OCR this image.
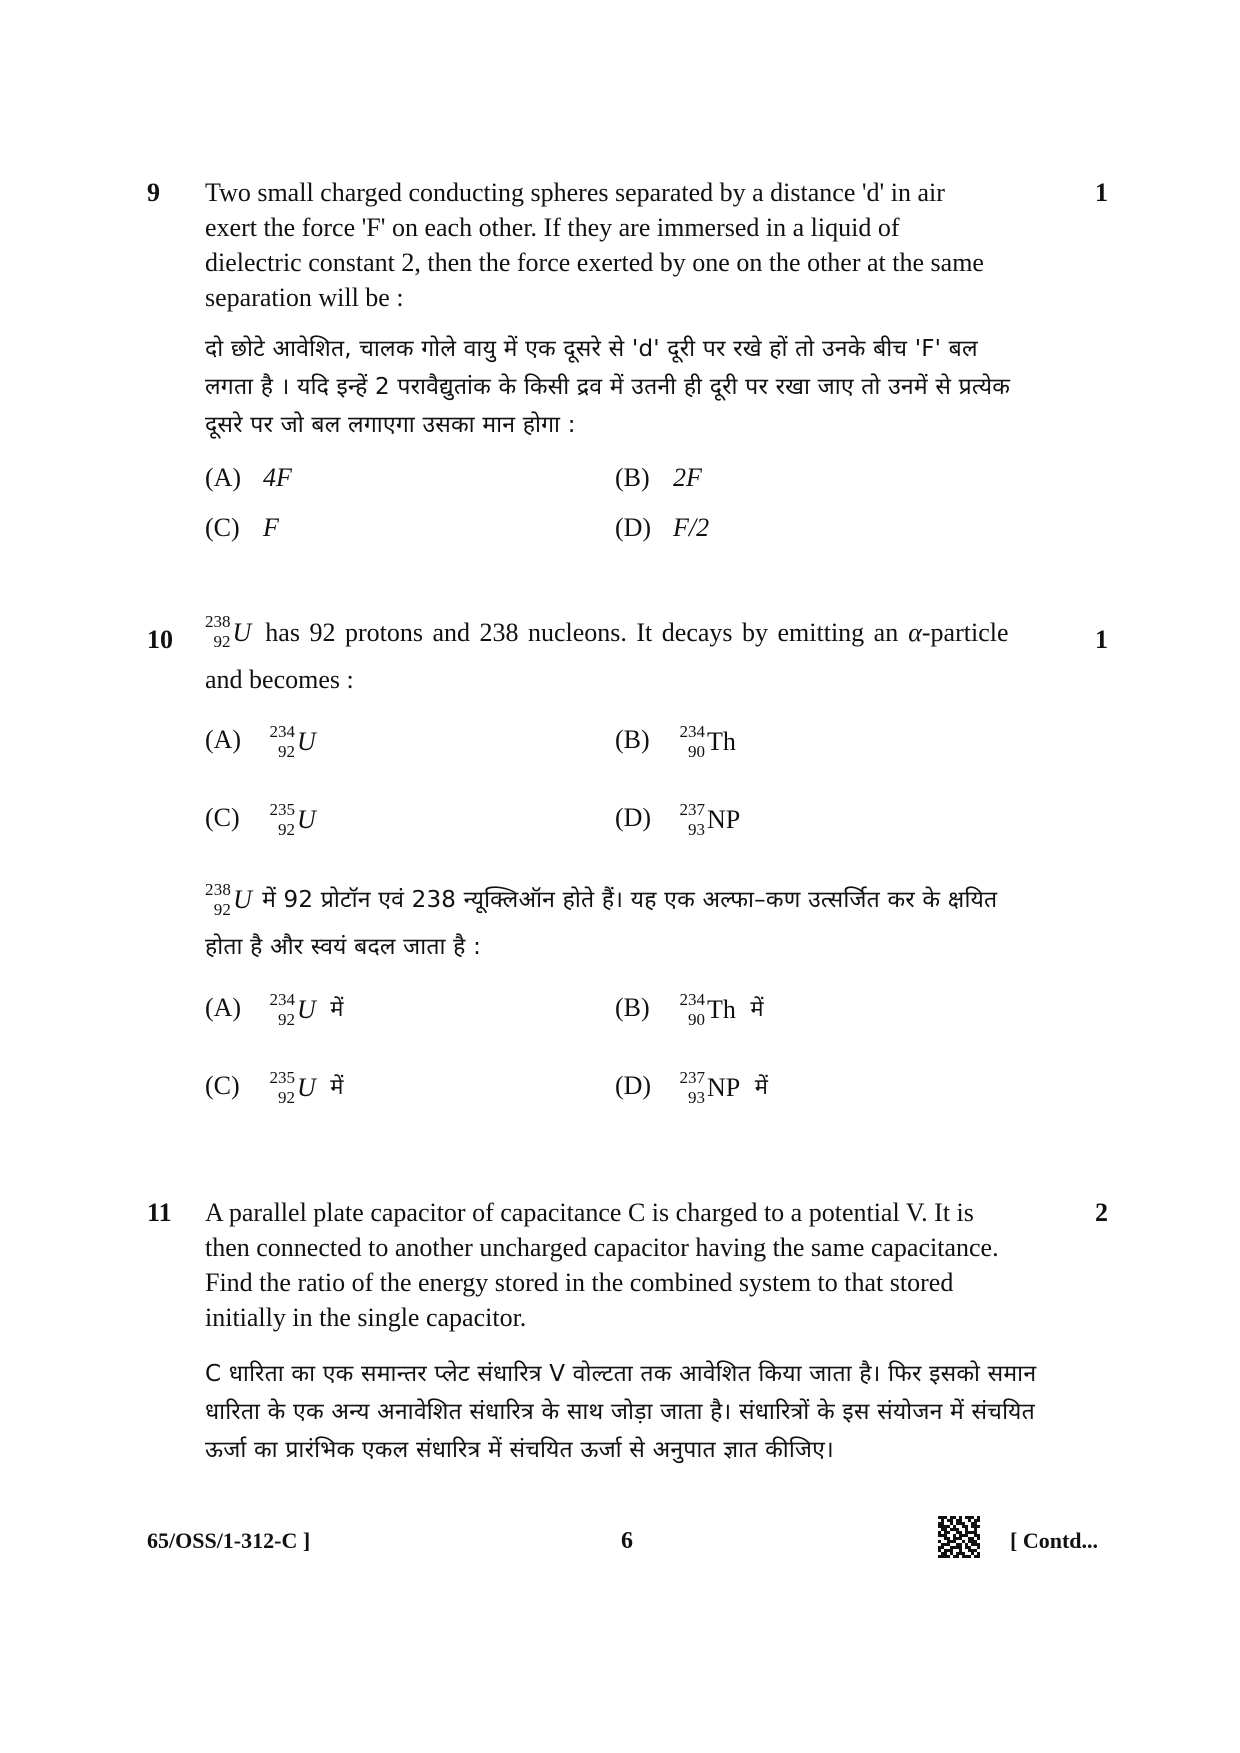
9	1
Two small charged conducting spheres separated by a distance 'd' in air
exert the force 'F' on each other. If they are immersed in a liquid of
dielectric constant 2, then the force exerted by one on the other at the same
separation will be :
दो छोटे आवेशित, चालक गोले वायु में एक दूसरे से 'd' दूरी पर रखे हों तो उनके बीच 'F' बल
लगता है । यदि इन्हें 2 परावैद्युतांक के किसी द्रव में उतनी ही दूरी पर रखा जाए तो उनमें से प्रत्येक
दूसरे पर जो बल लगाएगा उसका मान होगा :
(A) 4F	(B) 2F
(C) F	(D) F/2
10	1
238
92 U has 92 protons and 238 nucleons. It decays by emitting an α -particle
and becomes :
(A) 234
92 U	(B) 234
90 Th
(C) 235
92 U	(D) 237
93 NP
238
92 U में 92 प्रोटॉन एवं 238 न्यूक्लिऑन होते हैं। यह एक अल्फा–कण उत्सर्जित कर के क्षयित
होता है और स्वयं बदल जाता है :
(A) 234
92 U में	(B) 234
90 Th में
(C) 235
92 U में	(D) 237
93 NP में
11	2
A parallel plate capacitor of capacitance C is charged to a potential V. It is
then connected to another uncharged capacitor having the same capacitance.
Find the ratio of the energy stored in the combined system to that stored
initially in the single capacitor.
C धारिता का एक समान्तर प्लेट संधारित्र V वोल्टता तक आवेशित किया जाता है। फिर इसको समान
धारिता के एक अन्य अनावेशित संधारित्र के साथ जोड़ा जाता है। संधारित्रों के इस संयोजन में संचयित
ऊर्जा का प्रारंभिक एकल संधारित्र में संचयित ऊर्जा से अनुपात ज्ञात कीजिए।
65/OSS/1-312-C ]	6	[ Contd...
